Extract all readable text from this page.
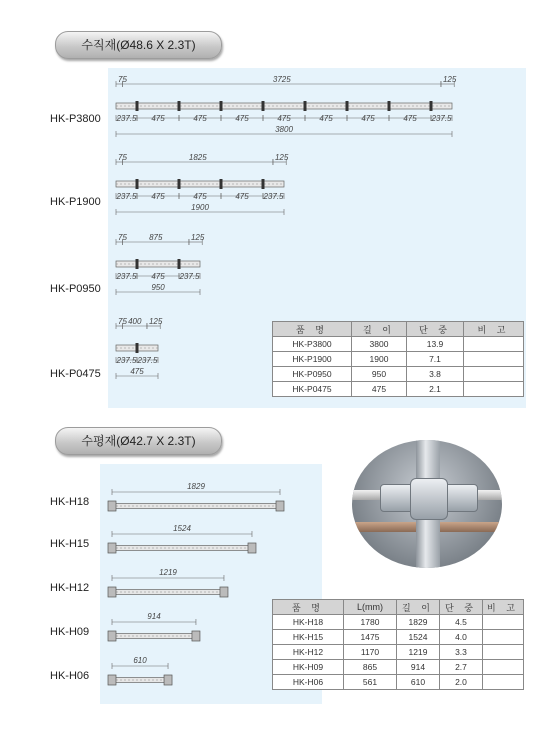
수직재(Ø48.6 X 2.3T)
수평재(Ø42.7 X 2.3T)
HK-P3800
HK-P1900
HK-P0950
HK-P0475
75	3725	125
237.5 475	475	475	475	475	475	475 237.5
3800
75	1825	125
237.5 475	475	475 237.5
1900
75	875	125
237.5 475 237.5
950
75 400 125
237.5 237.5
475
1829
1524
1219
914
610
HK-H18
HK-H15
HK-H12
HK-H09
HK-H06
품 명	길 이	단 중	비 고
HK-P3800	3800	13.9	
HK-P1900	1900	7.1	
HK-P0950	950	3.8	
HK-P0475	475	2.1	
품 명	L(mm)	길 이	단 중	비 고
HK-H18	1780	1829	4.5	
HK-H15	1475	1524	4.0	
HK-H12	1170	1219	3.3	
HK-H09	865	914	2.7	
HK-H06	561	610	2.0	
